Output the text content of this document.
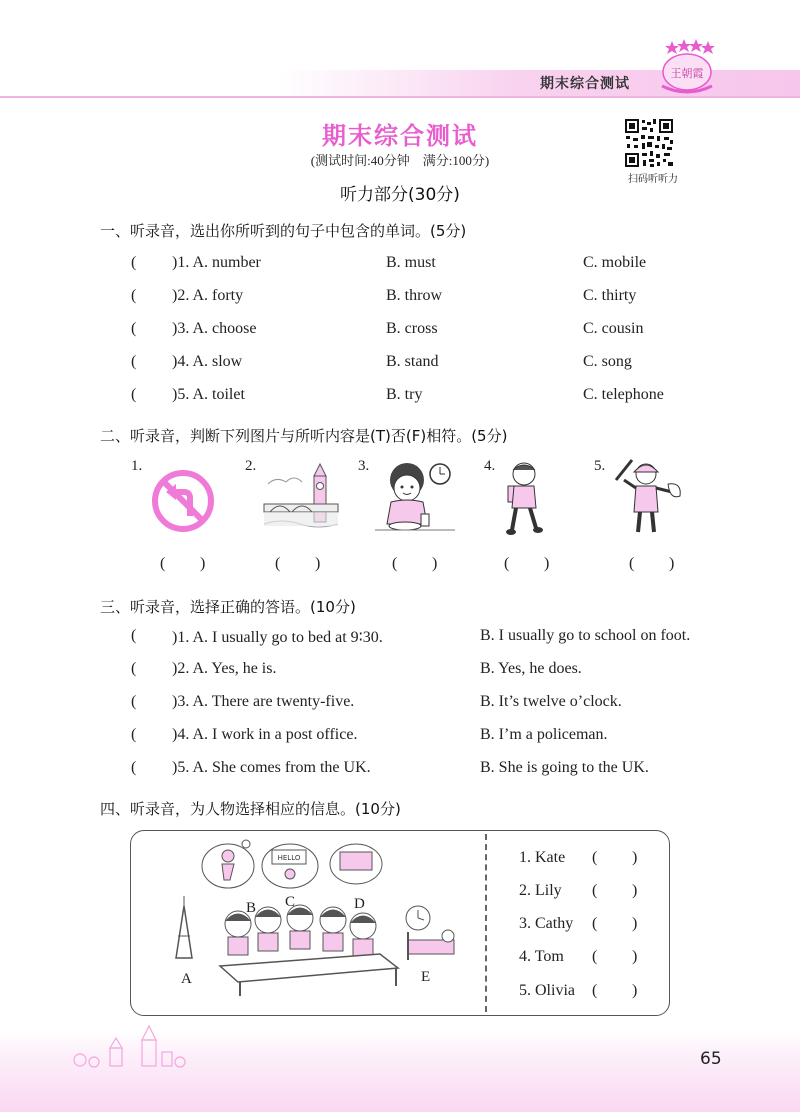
期末综合测试
王朝霞
期末综合测试
(测试时间:40分钟　满分:100分)
听力部分(30分)
扫码听听力
一、听录音，选出你所听到的句子中包含的单词。(5分)
( )1. A. number	B. must	C. mobile
( )2. A. forty	B. throw	C. thirty
( )3. A. choose	B. cross	C. cousin
( )4. A. slow	B. stand	C. song
( )5. A. toilet	B. try	C. telephone
二、听录音，判断下列图片与所听内容是(T)否(F)相符。(5分)
1.	2.	3.	4.	5.
( )	( )	( )	( )	( )
三、听录音，选择正确的答语。(10分)
( )1. A. I usually go to bed at 9∶30.	B. I usually go to school on foot.
( )2. A. Yes, he is.	B. Yes, he does.
( )3. A. There are twenty-five.	B. It’s twelve o’clock.
( )4. A. I work in a post office.	B. I’m a policeman.
( )5. A. She comes from the UK.	B. She is going to the UK.
四、听录音，为人物选择相应的信息。(10分)
HELLO
A
B C	D
E
1. Kate ( )
2. Lily ( )
3. Cathy ( )
4. Tom ( )
5. Olivia ( )
65
